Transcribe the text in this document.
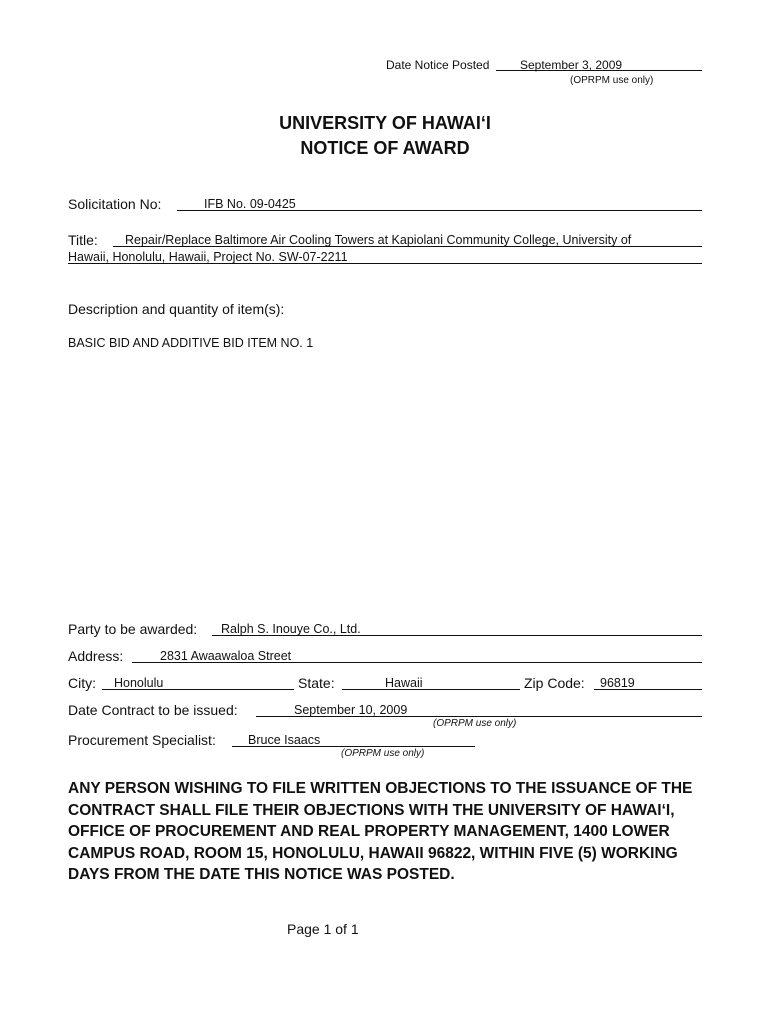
Date Notice Posted	September 3, 2009
(OPRPM use only)
UNIVERSITY OF HAWAI‘I
NOTICE OF AWARD
Solicitation No:	IFB No. 09-0425
Title: Repair/Replace Baltimore Air Cooling Towers at Kapiolani Community College, University of
Hawaii, Honolulu, Hawaii, Project No. SW-07-2211
Description and quantity of item(s):
BASIC BID AND ADDITIVE BID ITEM NO. 1
Party to be awarded: Ralph S. Inouye Co., Ltd.
Address:	2831 Awaawaloa Street
City: Honolulu	State:	Hawaii	Zip Code: 96819
Date Contract to be issued:	September 10, 2009
(OPRPM use only)
Procurement Specialist:	Bruce Isaacs
(OPRPM use only)
ANY PERSON WISHING TO FILE WRITTEN OBJECTIONS TO THE ISSUANCE OF THE CONTRACT SHALL FILE THEIR OBJECTIONS WITH THE UNIVERSITY OF HAWAI‘I, OFFICE OF PROCUREMENT AND REAL PROPERTY MANAGEMENT, 1400 LOWER CAMPUS ROAD, ROOM 15, HONOLULU, HAWAII 96822, WITHIN FIVE (5) WORKING DAYS FROM THE DATE THIS NOTICE WAS POSTED.
Page 1 of 1
